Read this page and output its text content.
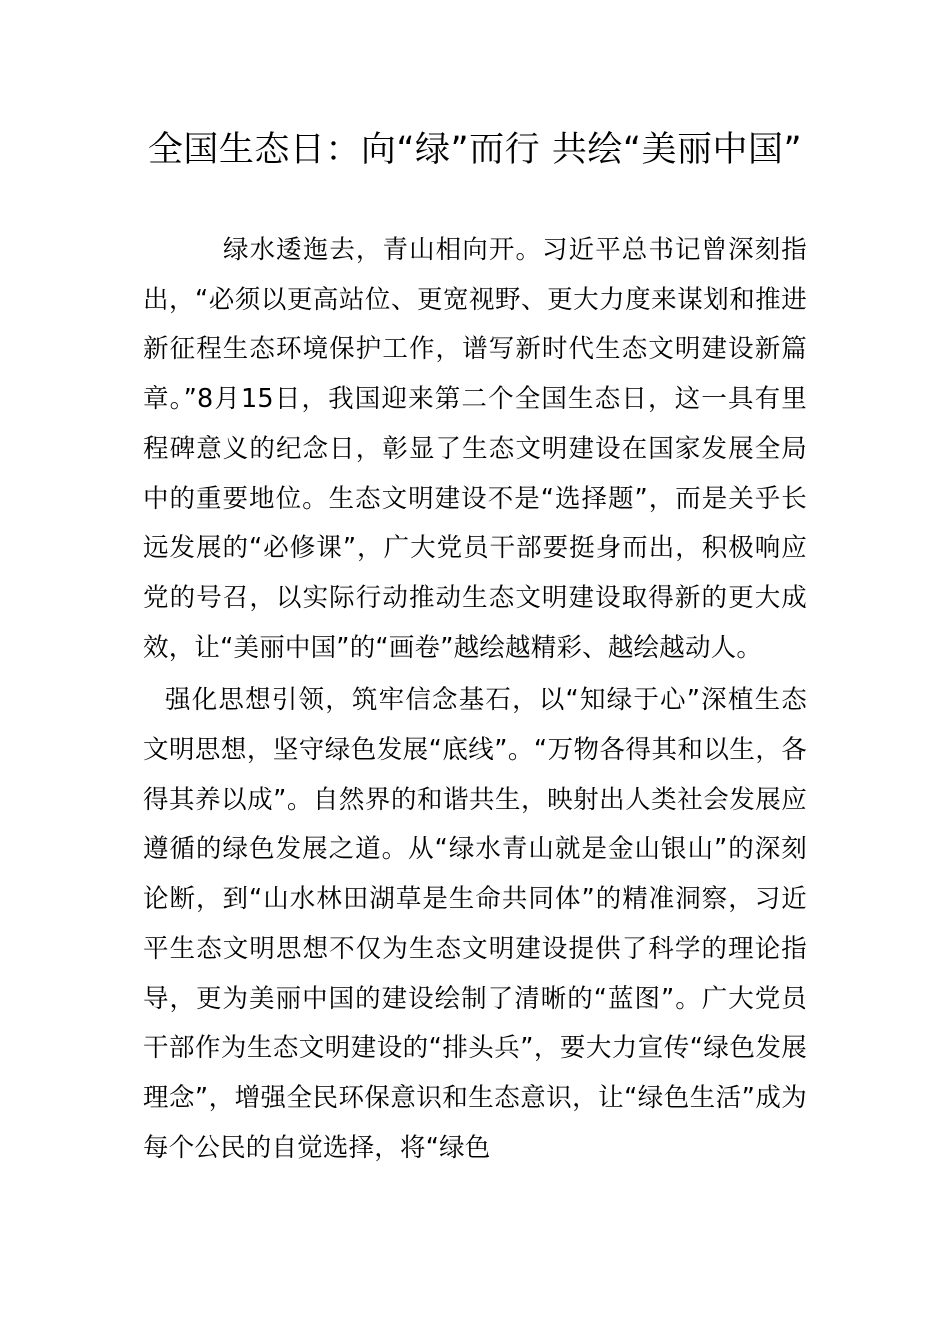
全国生态日：向“绿”而行 共绘“美丽中国”

绿水逶迤去，青山相向开。习近平总书记曾深刻指出，“必须以更高站位、更宽视野、更大力度来谋划和推进新征程生态环境保护工作，谱写新时代生态文明建设新篇章。”8月15日，我国迎来第二个全国生态日，这一具有里程碑意义的纪念日，彰显了生态文明建设在国家发展全局中的重要地位。生态文明建设不是“选择题”，而是关乎长远发展的“必修课”，广大党员干部要挺身而出，积极响应党的号召，以实际行动推动生态文明建设取得新的更大成效，让“美丽中国”的“画卷”越绘越精彩、越绘越动人。

强化思想引领，筑牢信念基石，以“知绿于心”深植生态文明思想，坚守绿色发展“底线”。“万物各得其和以生，各得其养以成”。自然界的和谐共生，映射出人类社会发展应遵循的绿色发展之道。从“绿水青山就是金山银山”的深刻论断，到“山水林田湖草是生命共同体”的精准洞察，习近平生态文明思想不仅为生态文明建设提供了科学的理论指导，更为美丽中国的建设绘制了清晰的“蓝图”。广大党员干部作为生态文明建设的“排头兵”，要大力宣传“绿色发展理念”，增强全民环保意识和生态意识，让“绿色生活”成为每个公民的自觉选择，将“绿色
